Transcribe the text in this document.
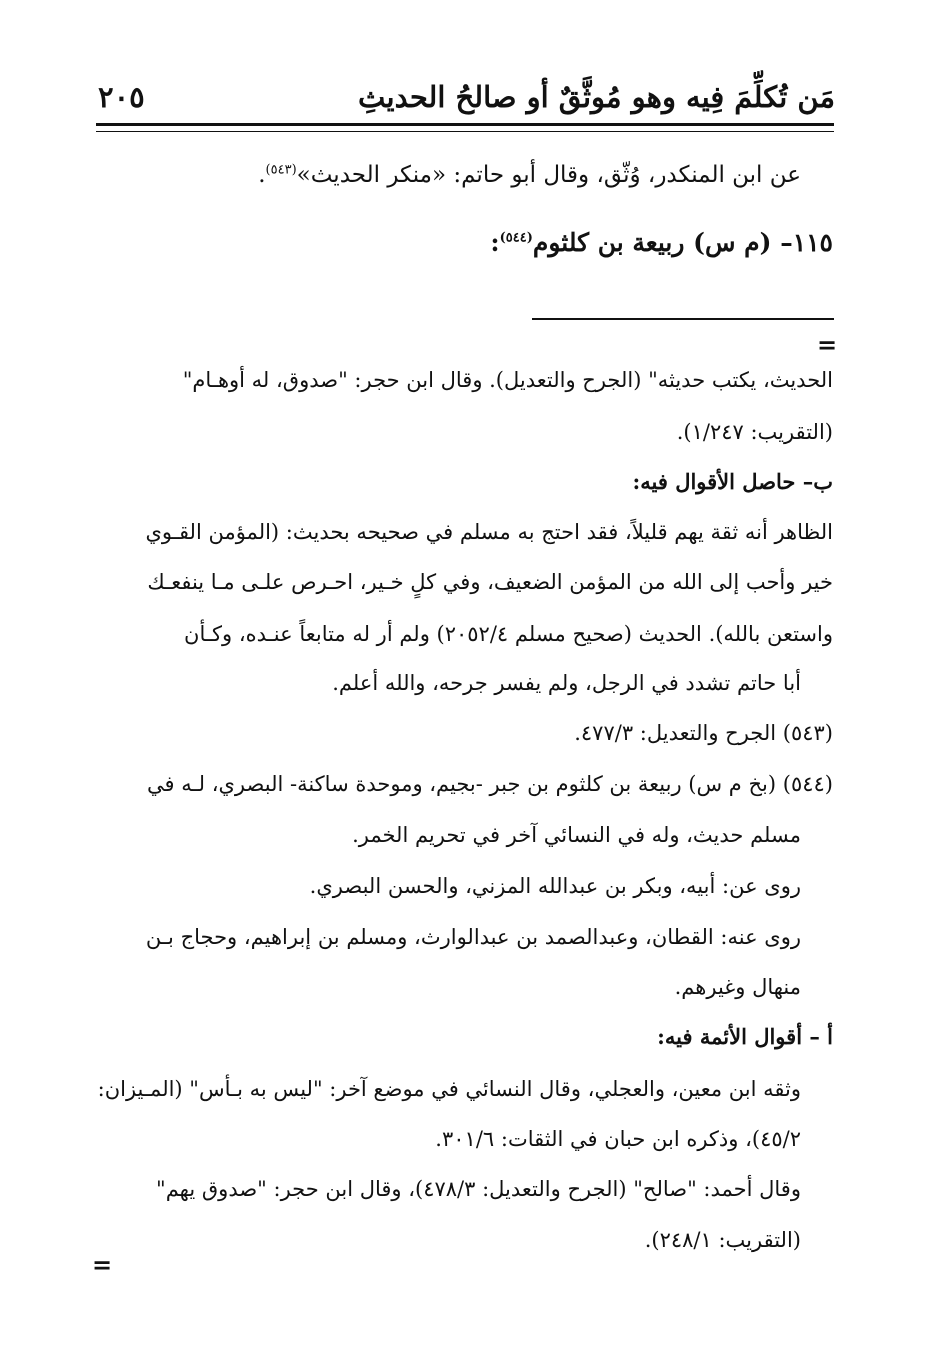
مَن تُكلِّمَ فِيه وهو مُوثَّقٌ أو صالحُ الحديثِ
٢٠٥
عن ابن المنكدر، وُثّق، وقال أبو حاتم: «منكر الحديث»$^{(٥٤٣)}$.
١١٥– (م س) ربيعة بن كلثوم$^{(٥٤٤)}$:
=
الحديث، يكتب حديثه" (الجرح والتعديل). وقال ابن حجر: "صدوق، له أوهـام"
(التقريب: ١/٢٤٧).
ب– حاصل الأقوال فيه:
الظاهر أنه ثقة يهم قليلاً، فقد احتج به مسلم في صحيحه بحديث: (المؤمن القـوي
خير وأحب إلى الله من المؤمن الضعيف، وفي كلٍ خـير، احـرص علـى مـا ينفعـك
واستعن بالله). الحديث (صحيح مسلم ٢٠٥٢/٤) ولم أر له متابعاً عنـده، وكـأن
أبا حاتم تشدد في الرجل، ولم يفسر جرحه، والله أعلم.
(٥٤٣) الجرح والتعديل: ٤٧٧/٣.
(٥٤٤) (بخ م س) ربيعة بن كلثوم بن جبر -بجيم، وموحدة ساكنة- البصري، لـه في
مسلم حديث، وله في النسائي آخر في تحريم الخمر.
روى عن: أبيه، وبكر بن عبدالله المزني، والحسن البصري.
روى عنه: القطان، وعبدالصمد بن عبدالوارث، ومسلم بن إبراهيم، وحجاج بـن
منهال وغيرهم.
أ – أقوال الأئمة فيه:
وثقه ابن معين، والعجلي، وقال النسائي في موضع آخر: "ليس به بـأس" (المـيزان:
٤٥/٢)، وذكره ابن حبان في الثقات: ٣٠١/٦.
وقال أحمد: "صالح" (الجرح والتعديل: ٤٧٨/٣)، وقال ابن حجر: "صدوق يهم"
(التقريب: ٢٤٨/١).
=
